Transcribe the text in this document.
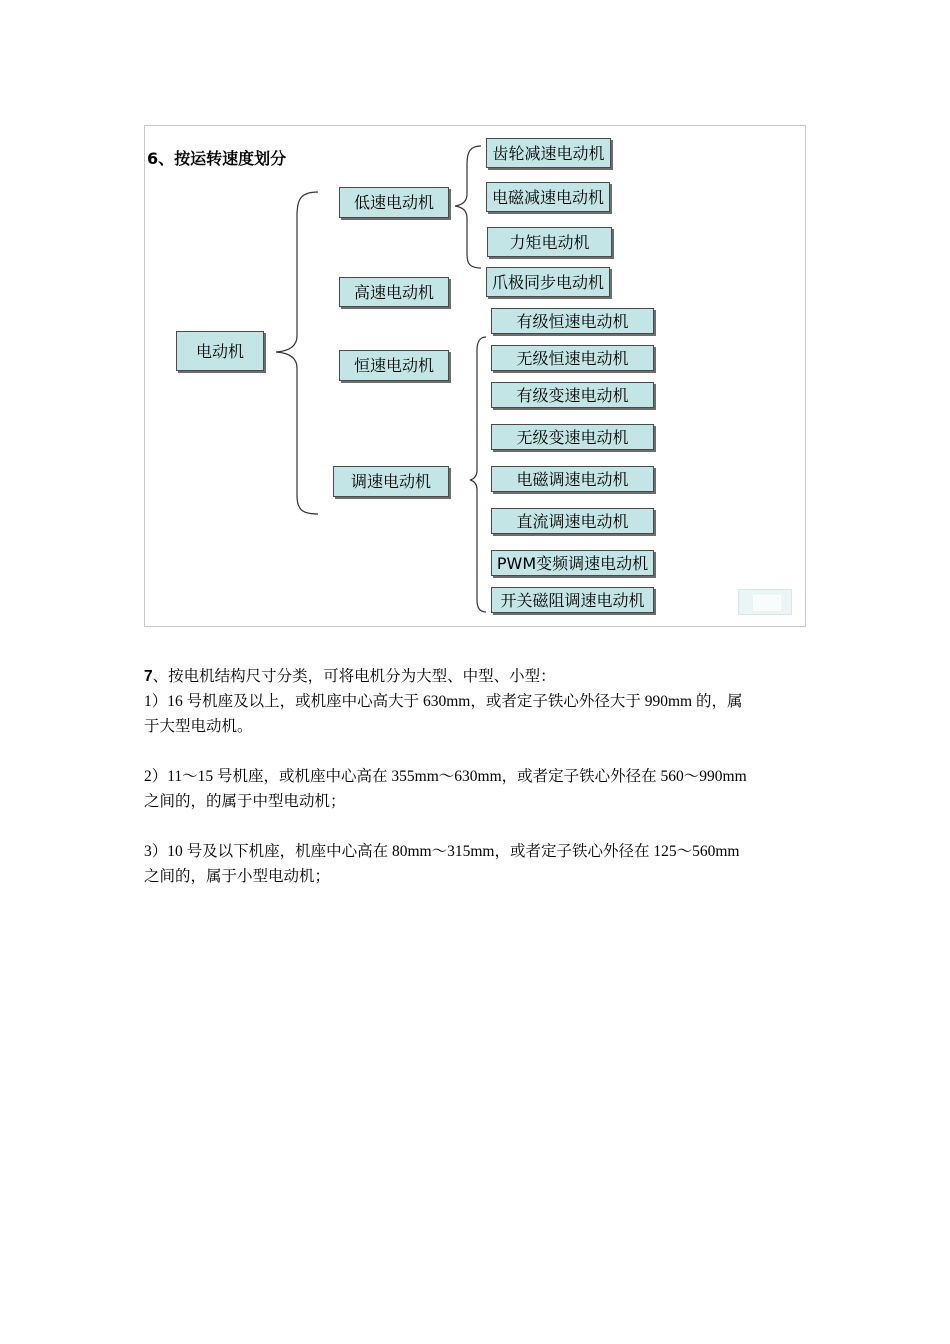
6、按运转速度划分
电动机
低速电动机
高速电动机
恒速电动机
调速电动机
齿轮减速电动机
电磁减速电动机
力矩电动机
爪极同步电动机
有级恒速电动机
无级恒速电动机
有级变速电动机
无级变速电动机
电磁调速电动机
直流调速电动机
PWM变频调速电动机
开关磁阻调速电动机

7、按电机结构尺寸分类，可将电机分为大型、中型、小型：

1）16 号机座及以上，或机座中心高大于 630mm，或者定子铁心外径大于 990mm 的，属

于大型电动机。

2）11～15 号机座，或机座中心高在 355mm～630mm，或者定子铁心外径在 560～990mm

之间的，的属于中型电动机；

3）10 号及以下机座，机座中心高在 80mm～315mm，或者定子铁心外径在 125～560mm

之间的，属于小型电动机；
